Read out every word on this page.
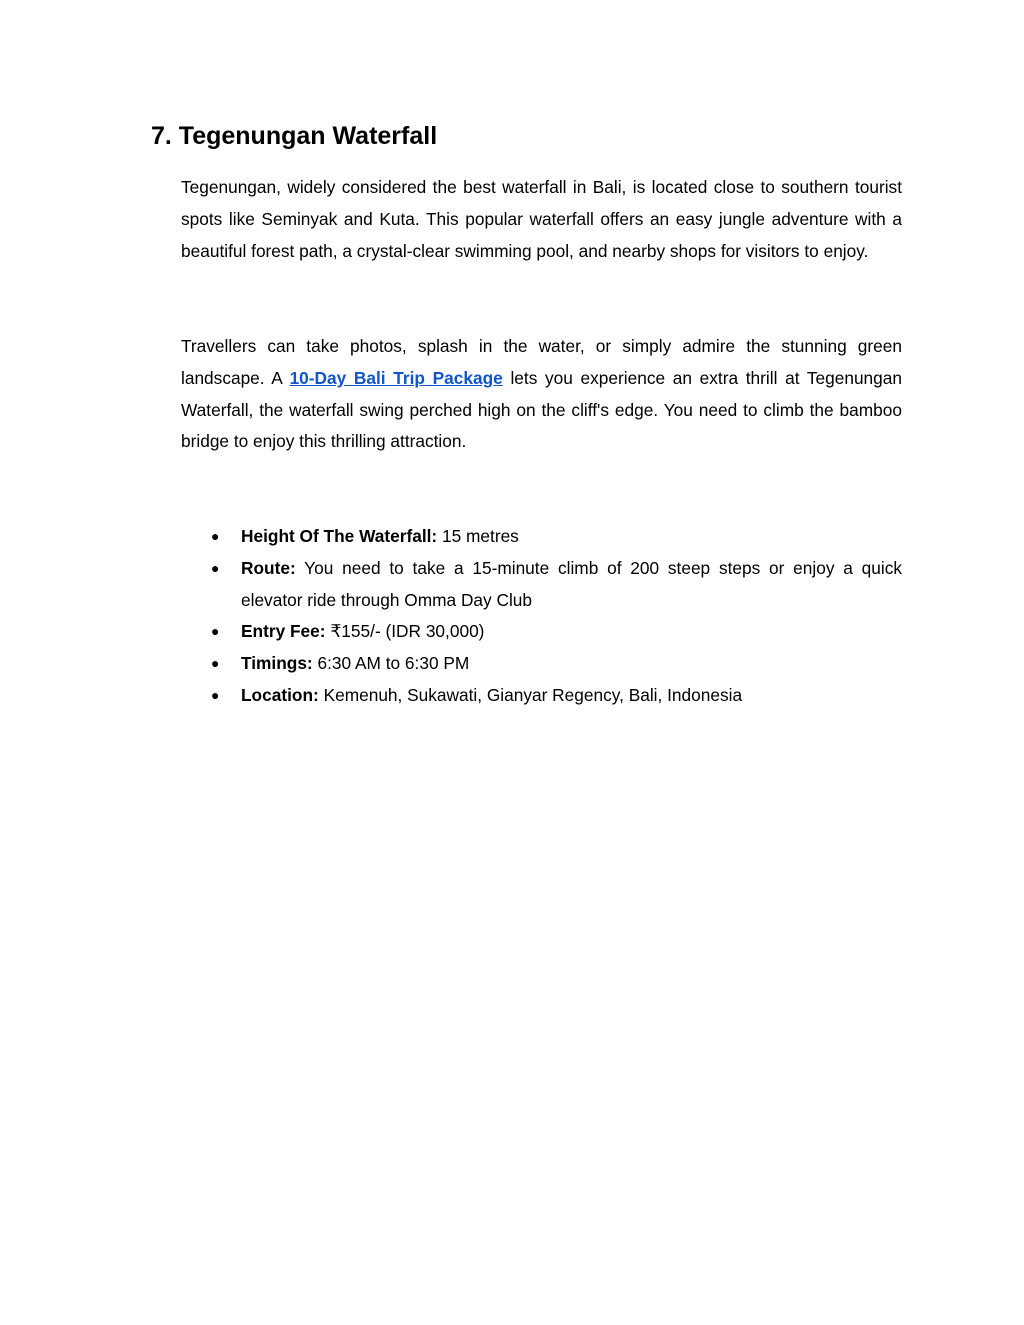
7. Tegenungan Waterfall

Tegenungan, widely considered the best waterfall in Bali, is located close to southern tourist spots like Seminyak and Kuta. This popular waterfall offers an easy jungle adventure with a beautiful forest path, a crystal-clear swimming pool, and nearby shops for visitors to enjoy.

Travellers can take photos, splash in the water, or simply admire the stunning green landscape. A 10-Day Bali Trip Package lets you experience an extra thrill at Tegenungan Waterfall, the waterfall swing perched high on the cliff's edge. You need to climb the bamboo bridge to enjoy this thrilling attraction.

● Height Of The Waterfall: 15 metres
● Route: You need to take a 15-minute climb of 200 steep steps or enjoy a quick elevator ride through Omma Day Club
● Entry Fee: ₹155/- (IDR 30,000)
● Timings: 6:30 AM to 6:30 PM
● Location: Kemenuh, Sukawati, Gianyar Regency, Bali, Indonesia
